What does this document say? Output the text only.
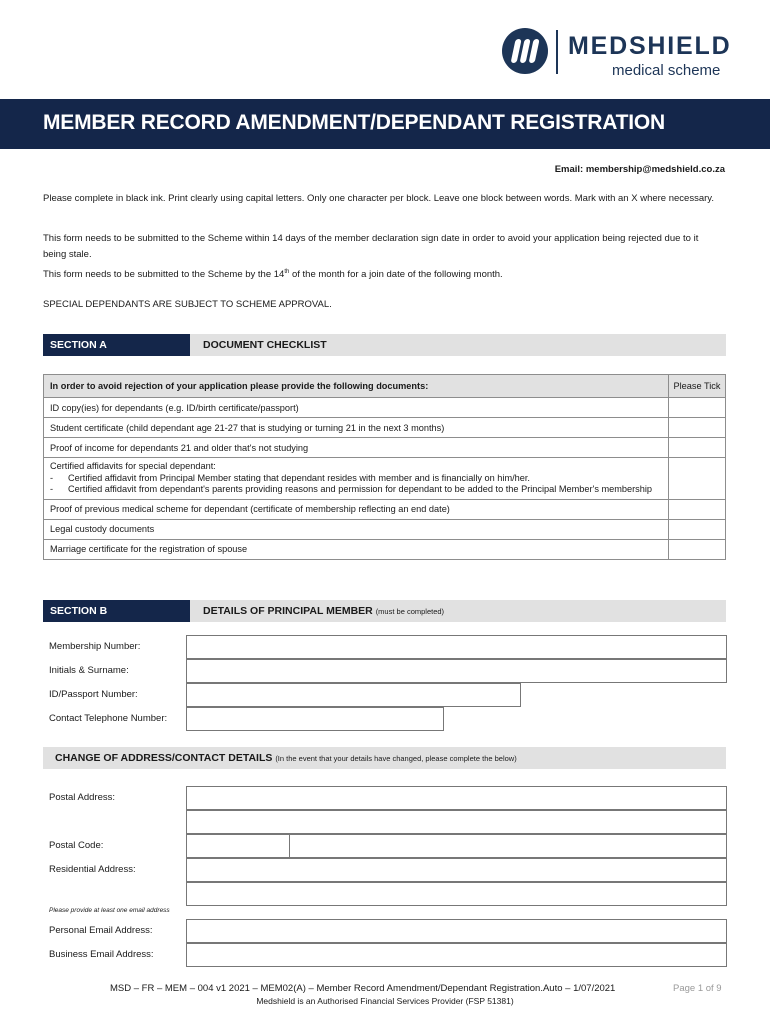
MEDSHIELD
medical scheme
MEMBER RECORD AMENDMENT/DEPENDANT REGISTRATION
Email: membership@medshield.co.za
Please complete in black ink. Print clearly using capital letters. Only one character per block. Leave one block between words. Mark with an X where necessary.
This form needs to be submitted to the Scheme within 14 days of the member declaration sign date in order to avoid your application being rejected due to it being stale.
This form needs to be submitted to the Scheme by the 14th of the month for a join date of the following month.
SPECIAL DEPENDANTS ARE SUBJECT TO SCHEME APPROVAL.
SECTION A	DOCUMENT CHECKLIST
In order to avoid rejection of your application please provide the following documents:	Please Tick
ID copy(ies) for dependants (e.g. ID/birth certificate/passport)	
Student certificate (child dependant age 21-27 that is studying or turning 21 in the next 3 months)	
Proof of income for dependants 21 and older that's not studying	

Certified affidavits for special dependant:
- Certified affidavit from Principal Member stating that dependant resides with member and is financially on him/her.
- Certified affidavit from dependant's parents providing reasons and permission for dependant to be added to the Principal Member's membership

Proof of previous medical scheme for dependant (certificate of membership reflecting an end date)	
Legal custody documents	
Marriage certificate for the registration of spouse	
SECTION B	DETAILS OF PRINCIPAL MEMBER (must be completed)
Membership Number:
Initials & Surname:
ID/Passport Number:
Contact Telephone Number:
CHANGE OF ADDRESS/CONTACT DETAILS (In the event that your details have changed, please complete the below)
Postal Address:
Postal Code:
Residential Address:
Please provide at least one email address
Personal Email Address:
Business Email Address:
MSD – FR – MEM – 004 v1 2021 – MEM02(A) – Member Record Amendment/Dependant Registration.Auto – 1/07/2021	Page 1 of 9
Medshield is an Authorised Financial Services Provider (FSP 51381)
